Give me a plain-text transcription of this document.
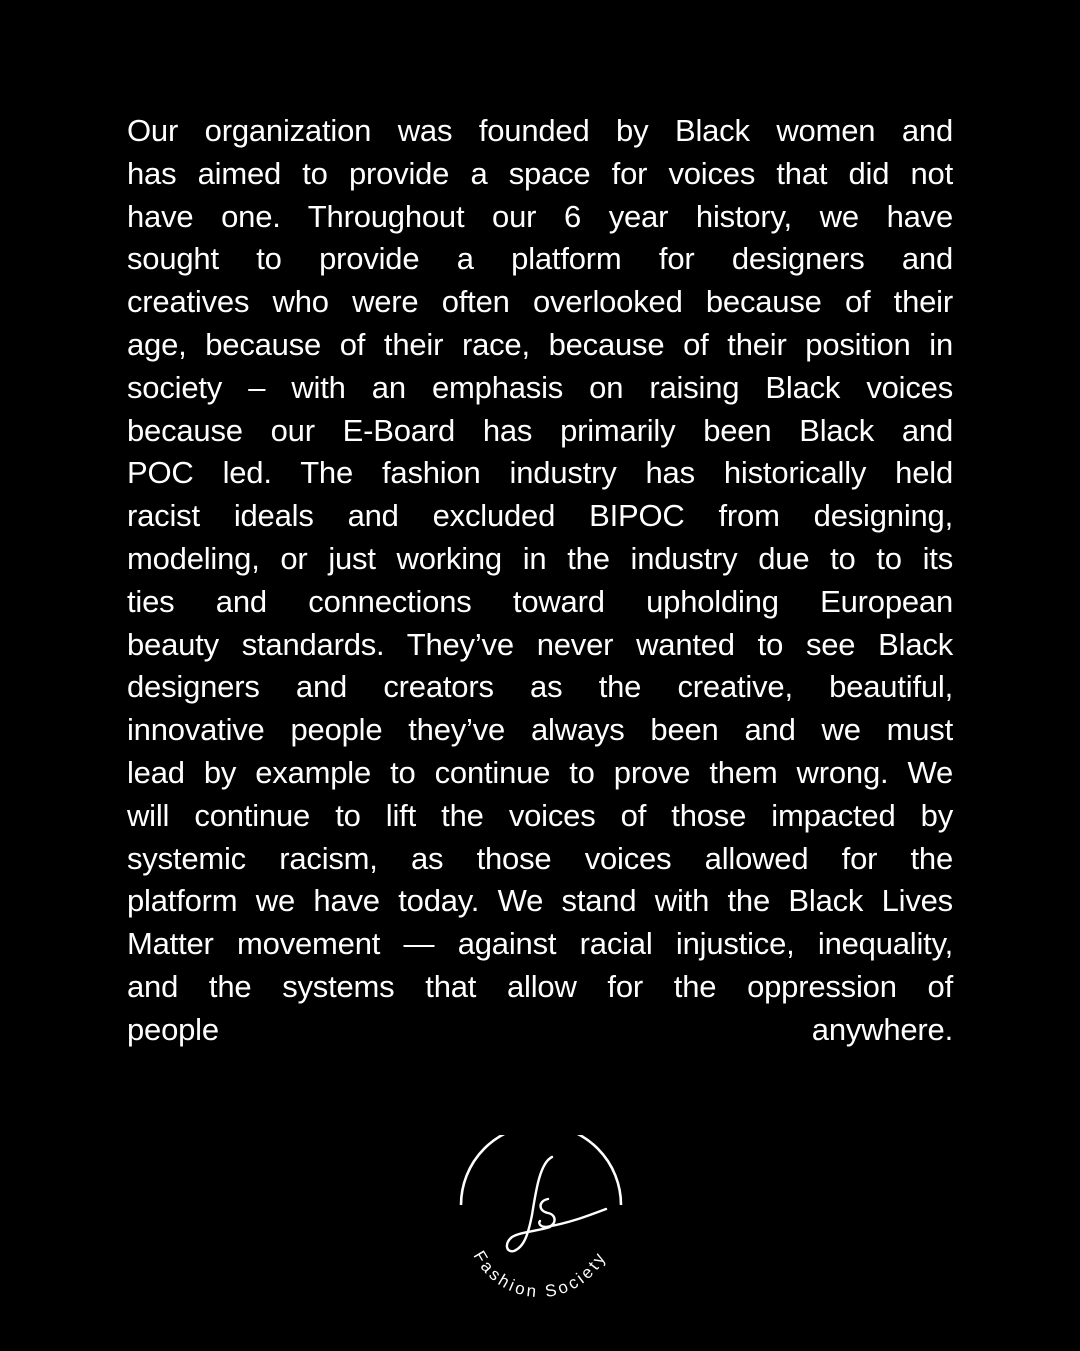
Our organization was founded by Black women and
has aimed to provide a space for voices that did not
have one. Throughout our 6 year history, we have
sought to provide a platform for designers and
creatives who were often overlooked because of their
age, because of their race, because of their position in
society – with an emphasis on raising Black voices
because our E-Board has primarily been Black and
POC led. The fashion industry has historically held
racist ideals and excluded BIPOC from designing,
modeling, or just working in the industry due to to its
ties and connections toward upholding European
beauty standards. They’ve never wanted to see Black
designers and creators as the creative, beautiful,
innovative people they’ve always been and we must
lead by example to continue to prove them wrong. We
will continue to lift the voices of those impacted by
systemic racism, as those voices allowed for the
platform we have today. We stand with the Black Lives
Matter movement — against racial injustice, inequality,
and the systems that allow for the oppression of
people anywhere.

Fashion Society
